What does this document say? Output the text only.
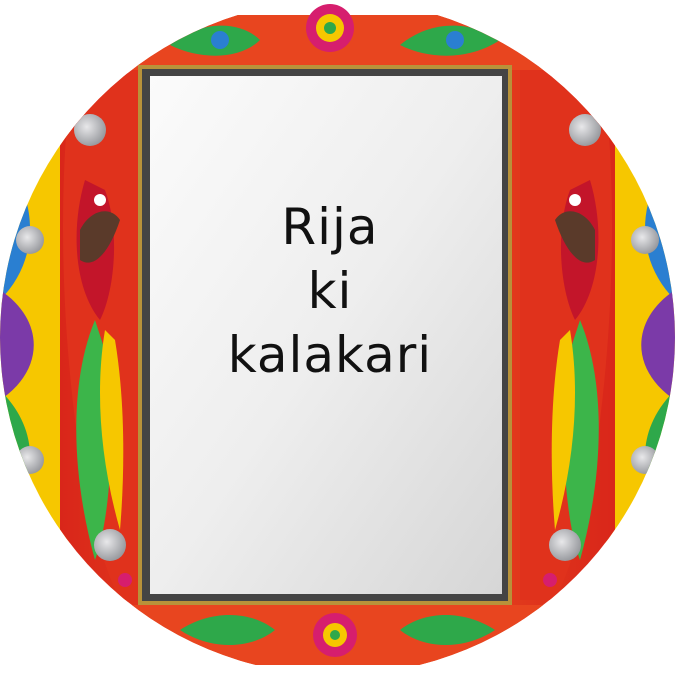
Rija
ki
kalakari
